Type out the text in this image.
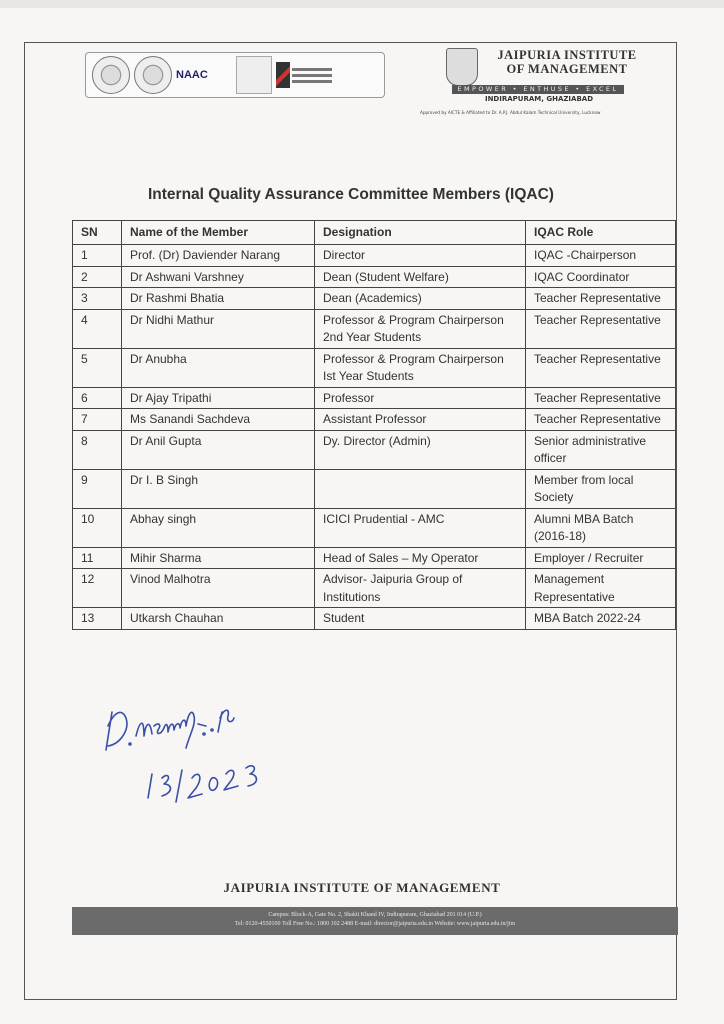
NAAC
JAIPURIA INSTITUTE
OF MANAGEMENT
EMPOWER • ENTHUSE • EXCEL
INDIRAPURAM, GHAZIABAD
Approved by AICTE & Affiliated to Dr. A.P.J. Abdul Kalam Technical University, Lucknow
Internal Quality Assurance Committee Members (IQAC)
SN	Name of the Member	Designation	IQAC Role
1	Prof. (Dr) Daviender Narang	Director	IQAC -Chairperson
2	Dr Ashwani Varshney	Dean (Student Welfare)	IQAC Coordinator
3	Dr Rashmi Bhatia	Dean (Academics)	Teacher Representative
4	Dr Nidhi Mathur	Professor & Program Chairperson 2nd Year Students	Teacher Representative
5	Dr Anubha	Professor & Program Chairperson Ist Year Students	Teacher Representative
6	Dr Ajay Tripathi	Professor	Teacher Representative
7	Ms Sanandi Sachdeva	Assistant Professor	Teacher Representative
8	Dr Anil Gupta	Dy. Director (Admin)	Senior administrative officer
9	Dr I. B Singh		Member from local Society
10	Abhay singh	ICICI Prudential - AMC	Alumni MBA Batch (2016-18)
11	Mihir Sharma	Head of Sales – My Operator	Employer / Recruiter
12	Vinod Malhotra	Advisor- Jaipuria Group of Institutions	Management Representative
13	Utkarsh Chauhan	Student	MBA Batch 2022-24
JAIPURIA INSTITUTE OF MANAGEMENT
Campus: Block-A, Gate No. 2, Shakti Khand IV, Indirapuram, Ghaziabad 201 014 (U.P.)
Tel: 0120-4550100 Toll Free No.: 1800 102 2488 E-mail: director@jaipuria.edu.in Website: www.jaipuria.edu.in/jim
